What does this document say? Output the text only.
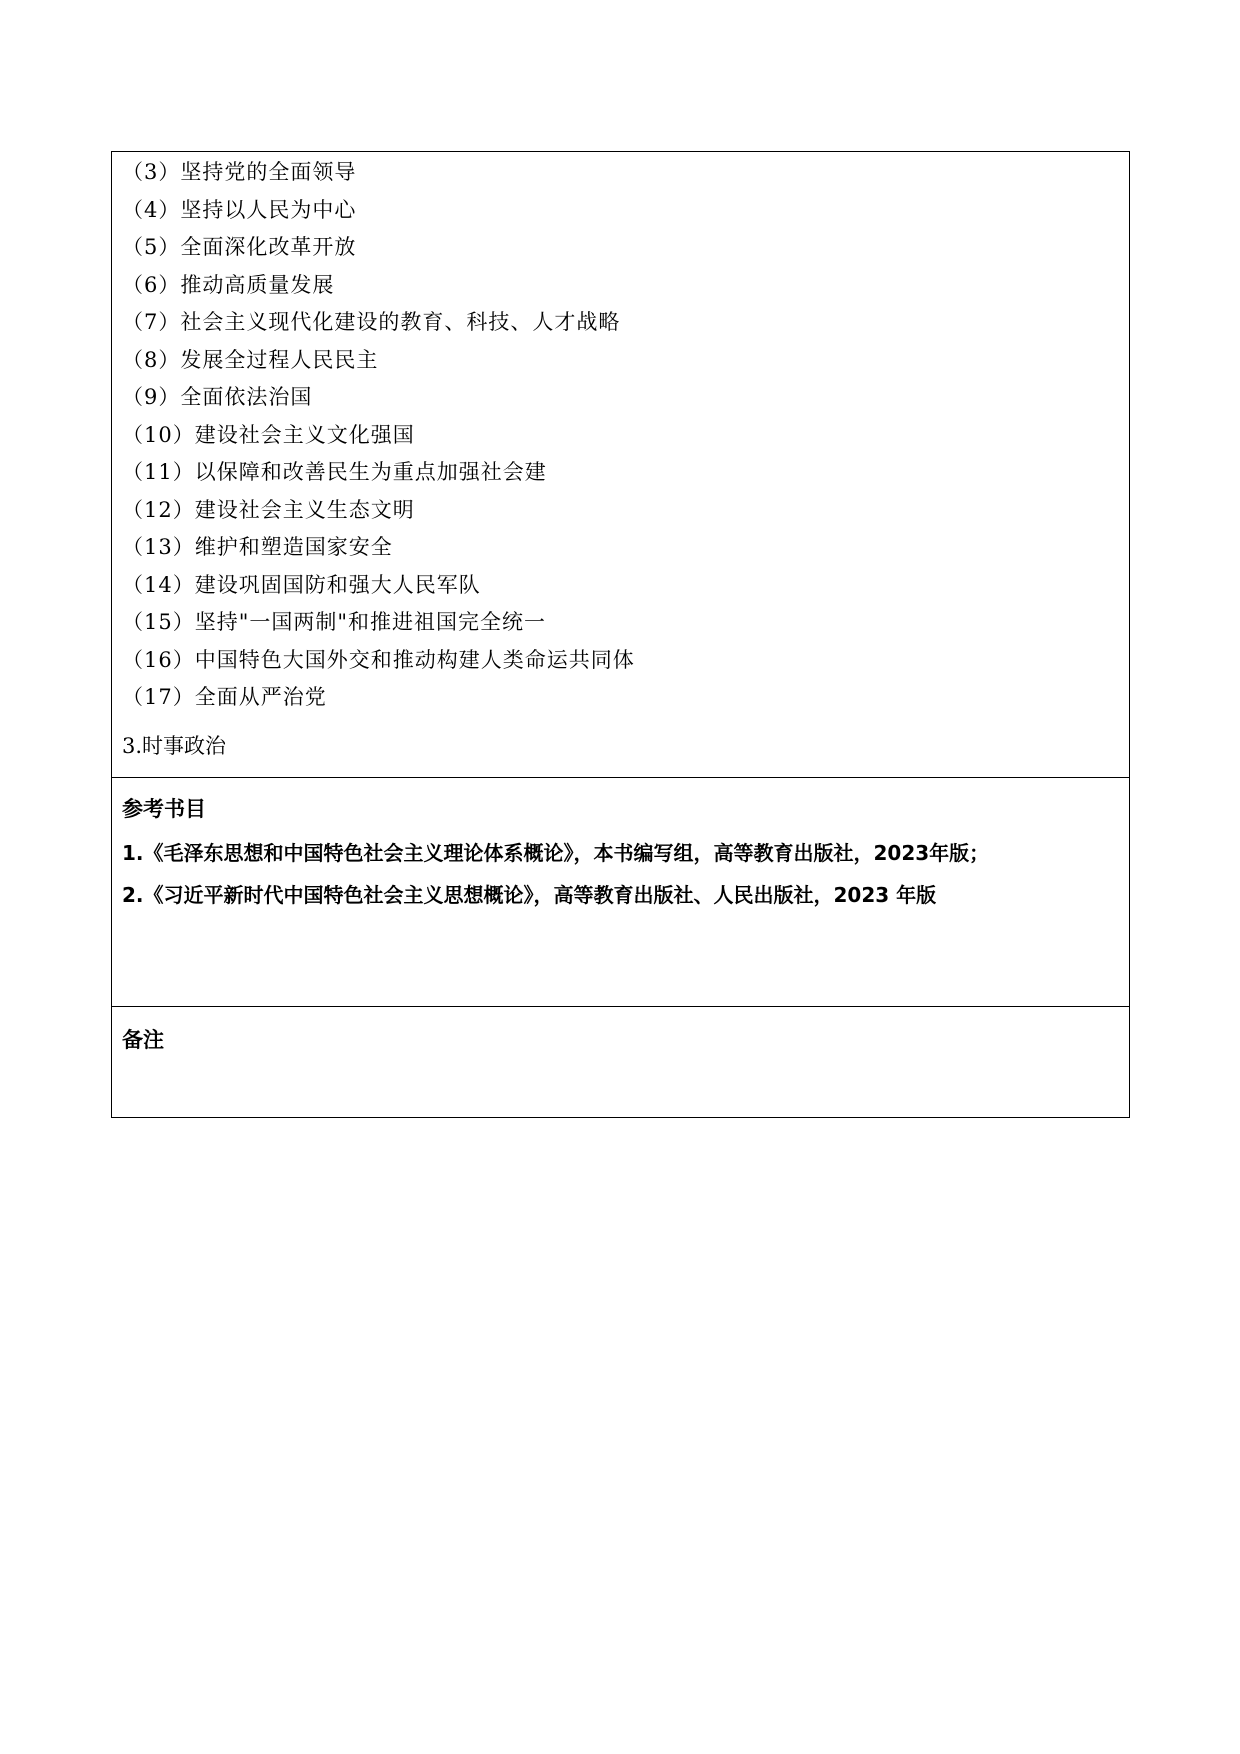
（3）坚持党的全面领导
（4）坚持以人民为中心
（5）全面深化改革开放
（6）推动高质量发展
（7）社会主义现代化建设的教育、科技、人才战略
（8）发展全过程人民民主
（9）全面依法治国
（10）建设社会主义文化强国
（11）以保障和改善民生为重点加强社会建
（12）建设社会主义生态文明
（13）维护和塑造国家安全
（14）建设巩固国防和强大人民军队
（15）坚持"一国两制"和推进祖国完全统一
（16）中国特色大国外交和推动构建人类命运共同体
（17）全面从严治党
3.时事政治
参考书目
1.《毛泽东思想和中国特色社会主义理论体系概论》，本书编写组，高等教育出版社，2023年版；
2.《习近平新时代中国特色社会主义思想概论》，高等教育出版社、人民出版社，2023 年版
备注
